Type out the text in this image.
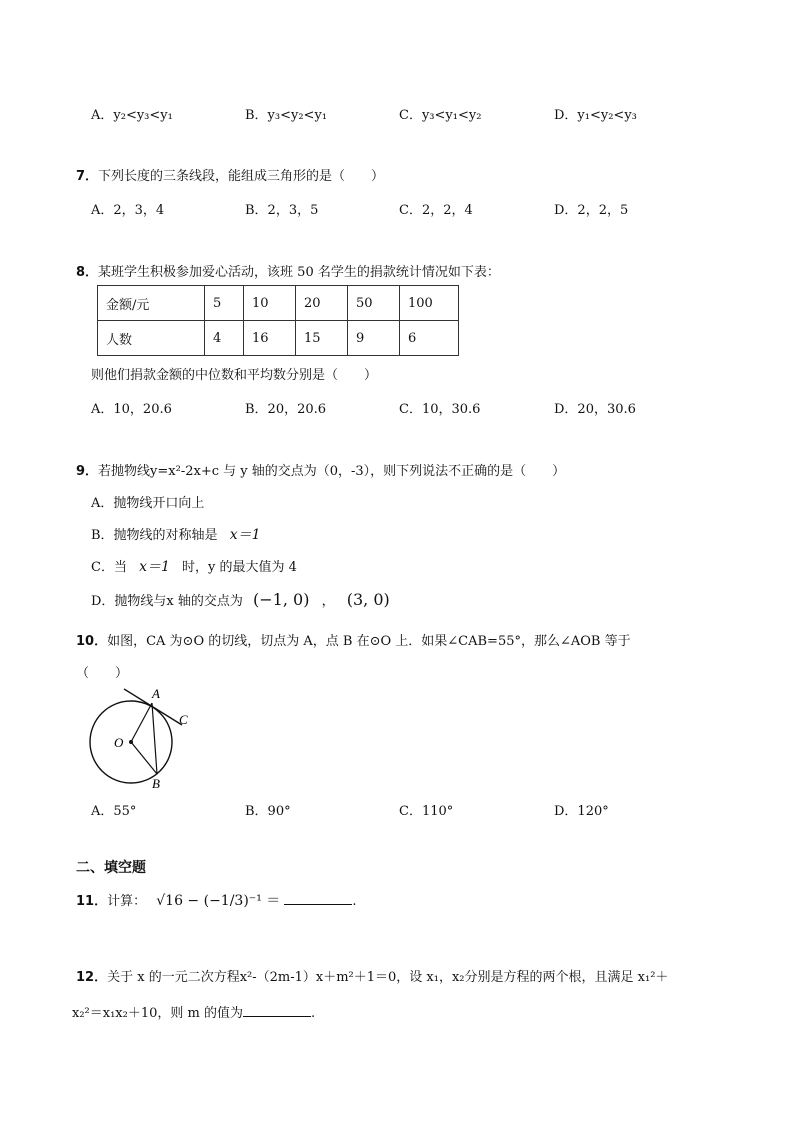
A．y₂<y₃<y₁	B．y₃<y₂<y₁	C．y₃<y₁<y₂	D．y₁<y₂<y₃
7．下列长度的三条线段，能组成三角形的是（　　）
A．2，3，4	B．2，3，5	C．2，2，4	D．2，2，5
8．某班学生积极参加爱心活动，该班 50 名学生的捐款统计情况如下表：
金额/元	5	10	20	50	100
人数	4	16	15	9	6
则他们捐款金额的中位数和平均数分别是（　　）
A．10，20.6	B．20，20.6	C．10，30.6	D．20，30.6
9．若抛物线y=x²-2x+c 与 y 轴的交点为（0，-3），则下列说法不正确的是（　　）
A．抛物线开口向上
B．抛物线的对称轴是 x＝1
C．当 x＝1 时，y 的最大值为 4
D．抛物线与x 轴的交点为 (−1, 0) ， (3, 0)
10．如图，CA 为⊙O 的切线，切点为 A，点 B 在⊙O 上．如果∠CAB=55°，那么∠AOB 等于
（　　）
A
C
O
B
A．55°	B．90°	C．110°	D．120°
二、填空题
11．计算： √16 − (−1/3)⁻¹ ＝	.
12．关于 x 的一元二次方程x²-（2m-1）x＋m²＋1＝0，设 x₁，x₂分别是方程的两个根，且满足 x₁²＋
x₂²＝x₁x₂＋10，则 m 的值为	.
